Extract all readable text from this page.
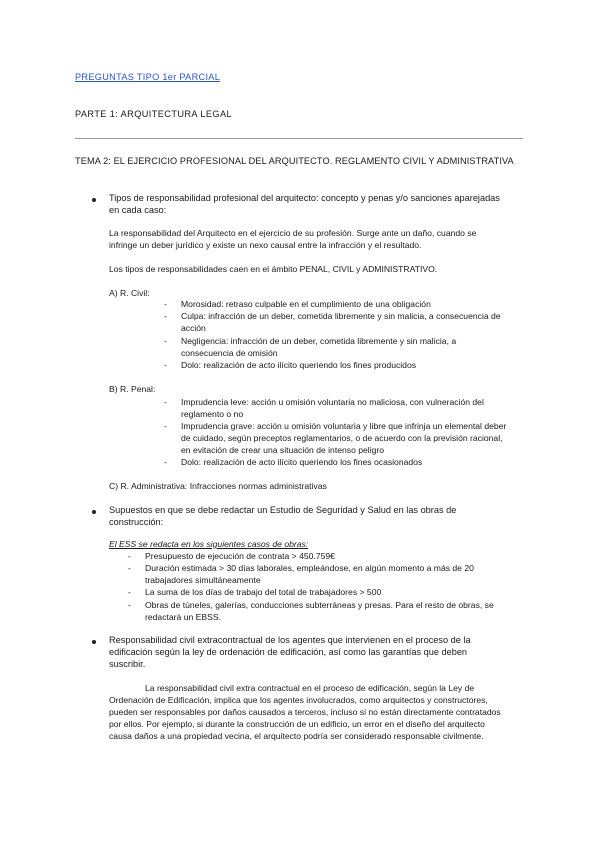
PREGUNTAS TIPO 1er PARCIAL
PARTE 1: ARQUITECTURA LEGAL
TEMA 2: EL EJERCICIO PROFESIONAL DEL ARQUITECTO. REGLAMENTO CIVIL Y ADMINISTRATIVA
Tipos de responsabilidad profesional del arquitecto: concepto y penas y/o sanciones aparejadas
en cada caso:
La responsabilidad del Arquitecto en el ejercicio de su profesión. Surge ante un daño, cuando se
infringe un deber jurídico y existe un nexo causal entre la infracción y el resultado.
Los tipos de responsabilidades caen en el ámbito PENAL, CIVIL y ADMINISTRATIVO.
A) R. Civil:
- Morosidad: retraso culpable en el cumplimiento de una obligación
- Culpa: infracción de un deber, cometida libremente y sin malicia, a consecuencia de
acción
- Negligencia: infracción de un deber, cometida libremente y sin malicia, a
consecuencia de omisión
- Dolo: realización de acto ilícito queriendo los fines producidos
B) R. Penal:
- Imprudencia leve: acción u omisión voluntaria no maliciosa, con vulneración del
reglamento o no
- Imprudencia grave: acción u omisión voluntaria y libre que infrinja un elemental deber
de cuidado, según preceptos reglamentarios, o de acuerdo con la previsión racional,
en evitación de crear una situación de intenso peligro
- Dolo: realización de acto ilícito queriendo los fines ocasionados
C) R. Administrativa: Infracciones normas administrativas
Supuestos en que se debe redactar un Estudio de Seguridad y Salud en las obras de
construcción:
El ESS se redacta en los siguientes casos de obras:
- Presupuesto de ejecución de contrata > 450.759€
- Duración estimada > 30 días laborales, empleándose, en algún momento a más de 20
trabajadores simultáneamente
- La suma de los días de trabajo del total de trabajadores > 500
- Obras de túneles, galerías, conducciones subterráneas y presas. Para el resto de obras, se
redactará un EBSS.
Responsabilidad civil extracontractual de los agentes que intervienen en el proceso de la
edificación según la ley de ordenación de edificación, así como las garantías que deben
suscribir.
La responsabilidad civil extra contractual en el proceso de edificación, según la Ley de
Ordenación de Edificación, implica que los agentes involucrados, como arquitectos y constructores,
pueden ser responsables por daños causados a terceros, incluso si no están directamente contratados
por ellos. Por ejemplo, si durante la construcción de un edificio, un error en el diseño del arquitecto
causa daños a una propiedad vecina, el arquitecto podría ser considerado responsable civilmente.
